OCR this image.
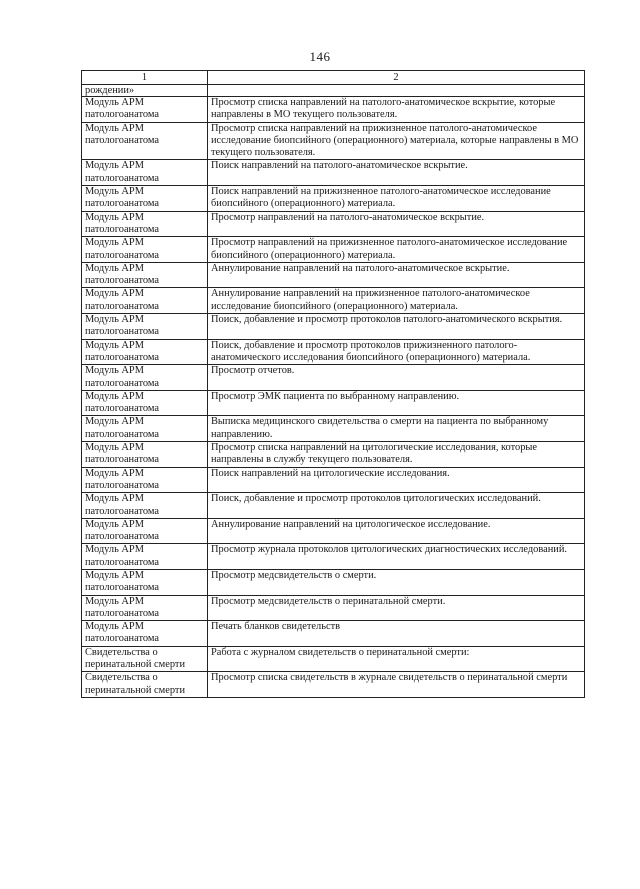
146
1	2
рождении»	
Модуль АРМ патологоанатома	Просмотр списка направлений на патолого-анатомическое вскрытие, которые направлены в МО текущего пользователя.
Модуль АРМ патологоанатома	Просмотр списка направлений на прижизненное патолого-анатомическое исследование биопсийного (операционного) материала, которые направлены в МО текущего пользователя.
Модуль АРМ патологоанатома	Поиск направлений на патолого-анатомическое вскрытие.
Модуль АРМ патологоанатома	Поиск направлений на прижизненное патолого-анатомическое исследование биопсийного (операционного) материала.
Модуль АРМ патологоанатома	Просмотр направлений на патолого-анатомическое вскрытие.
Модуль АРМ патологоанатома	Просмотр направлений на прижизненное патолого-анатомическое исследование биопсийного (операционного) материала.
Модуль АРМ патологоанатома	Аннулирование направлений на патолого-анатомическое вскрытие.
Модуль АРМ патологоанатома	Аннулирование направлений на прижизненное патолого-анатомическое исследование биопсийного (операционного) материала.
Модуль АРМ патологоанатома	Поиск, добавление и просмотр протоколов патолого-анатомического вскрытия.
Модуль АРМ патологоанатома	Поиск, добавление и просмотр протоколов прижизненного патолого-анатомического исследования биопсийного (операционного) материала.
Модуль АРМ патологоанатома	Просмотр отчетов.
Модуль АРМ патологоанатома	Просмотр ЭМК пациента по выбранному направлению.
Модуль АРМ патологоанатома	Выписка медицинского свидетельства о смерти на пациента по выбранному направлению.
Модуль АРМ патологоанатома	Просмотр списка направлений на цитологические исследования, которые направлены в службу текущего пользователя.
Модуль АРМ патологоанатома	Поиск направлений на цитологические исследования.
Модуль АРМ патологоанатома	Поиск, добавление и просмотр протоколов цитологических исследований.
Модуль АРМ патологоанатома	Аннулирование направлений на цитологическое исследование.
Модуль АРМ патологоанатома	Просмотр журнала протоколов цитологических диагностических исследований.
Модуль АРМ патологоанатома	Просмотр медсвидетельств о смерти.
Модуль АРМ патологоанатома	Просмотр медсвидетельств о перинатальной смерти.
Модуль АРМ патологоанатома	Печать бланков свидетельств
Свидетельства о перинатальной смерти	Работа с журналом свидетельств о перинатальной смерти:
Свидетельства о перинатальной смерти	Просмотр списка свидетельств в журнале свидетельств о перинатальной смерти
